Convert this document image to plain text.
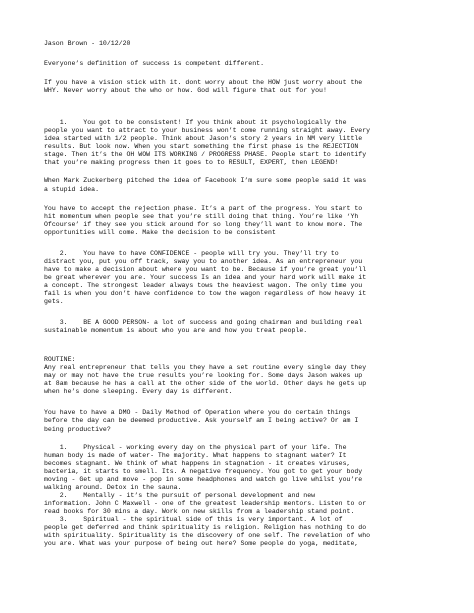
Jason Brown - 10/12/20

Everyone’s definition of success is competent different.

If you have a vision stick with it. dont worry about the HOW just worry about the
WHY. Never worry about the who or how. God will figure that out for you!

1.    You got to be consistent! If you think about it psychologically the
people you want to attract to your business won’t come running straight away. Every
idea started with 1/2 people. Think about Jason’s story 2 years in NM very little
results. But look now. When you start something the first phase is the REJECTION
stage. Then it’s the OH WOW ITS WORKING / PROGRESS PHASE. People start to identify
that you’re making progress then it goes to to RESULT, EXPERT, then LEGEND!

When Mark Zuckerberg pitched the idea of Facebook I’m sure some people said it was
a stupid idea.

You have to accept the rejection phase. It’s a part of the progress. You start to
hit momentum when people see that you’re still doing that thing. You’re like ‘Yh
Ofcourse’ if they see you stick around for so long they’ll want to know more. The
opportunities will come. Make the decision to be consistent

2.    You have to have CONFIDENCE - people will try you. They’ll try to
distract you, put you off track, sway you to another idea. As an entrepreneur you
have to make a decision about where you want to be. Because if you’re great you’ll
be great wherever you are. Your success Is an idea and your hard work will make it
a concept. The strongest leader always tows the heaviest wagon. The only time you
fail is when you don’t have confidence to tow the wagon regardless of how heavy it
gets.

3.    BE A GOOD PERSON- a lot of success and going chairman and building real
sustainable momentum is about who you are and how you treat people.

ROUTINE:
Any real entrepreneur that tells you they have a set routine every single day they
may or may not have the true results you’re looking for. Some days Jason wakes up
at 8am because he has a call at the other side of the world. Other days he gets up
when he’s done sleeping. Every day is different.

You have to have a DMO - Daily Method of Operation where you do certain things
before the day can be deemed productive. Ask yourself am I being active? Or am I
being productive?

1.    Physical - working every day on the physical part of your life. The
human body is made of water- The majority. What happens to stagnant water? It
becomes stagnant. We think of what happens in stagnation - it creates viruses,
bacteria, it starts to smell. Its. A negative frequency. You got to get your body
moving - Get up and move - pop in some headphones and watch go live whilst you’re
walking around. Detox in the sauna.
2.    Mentally - it’s the pursuit of personal development and new
information. John C Maxwell - one of the greatest leadership mentors. Listen to or
read books for 30 mins a day. Work on new skills from a leadership stand point.
3.    Spiritual - the spiritual side of this is very important. A lot of
people get deferred and think spirituality is religion. Religion has nothing to do
with spirituality. Spirituality is the discovery of one self. The revelation of who
you are. What was your purpose of being out here? Some people do yoga, meditate,
